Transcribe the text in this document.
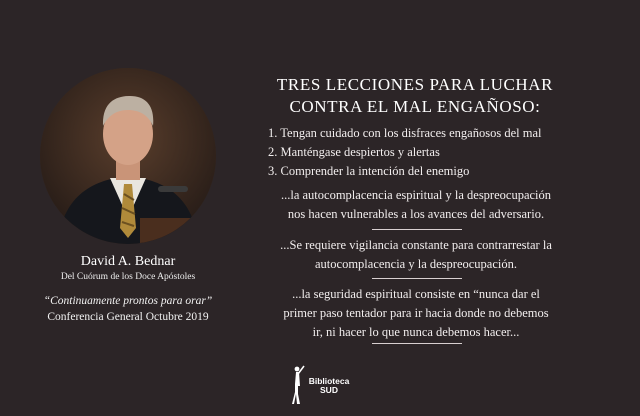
David A. Bednar
Del Cuórum de los Doce Apóstoles
“Continuamente prontos para orar”
Conferencia General Octubre 2019
TRES LECCIONES PARA LUCHAR
CONTRA EL MAL ENGAÑOSO:
1. Tengan cuidado con los disfraces engañosos del mal
2. Manténgase despiertos y alertas
3. Comprender la intención del enemigo
...la autocomplacencia espiritual y la despreocupación
nos hacen vulnerables a los avances del adversario.
...Se requiere vigilancia constante para contrarrestar la
autocomplacencia y la despreocupación.
...la seguridad espiritual consiste en “nunca dar el
primer paso tentador para ir hacia donde no debemos
ir, ni hacer lo que nunca debemos hacer...
Biblioteca
SUD
